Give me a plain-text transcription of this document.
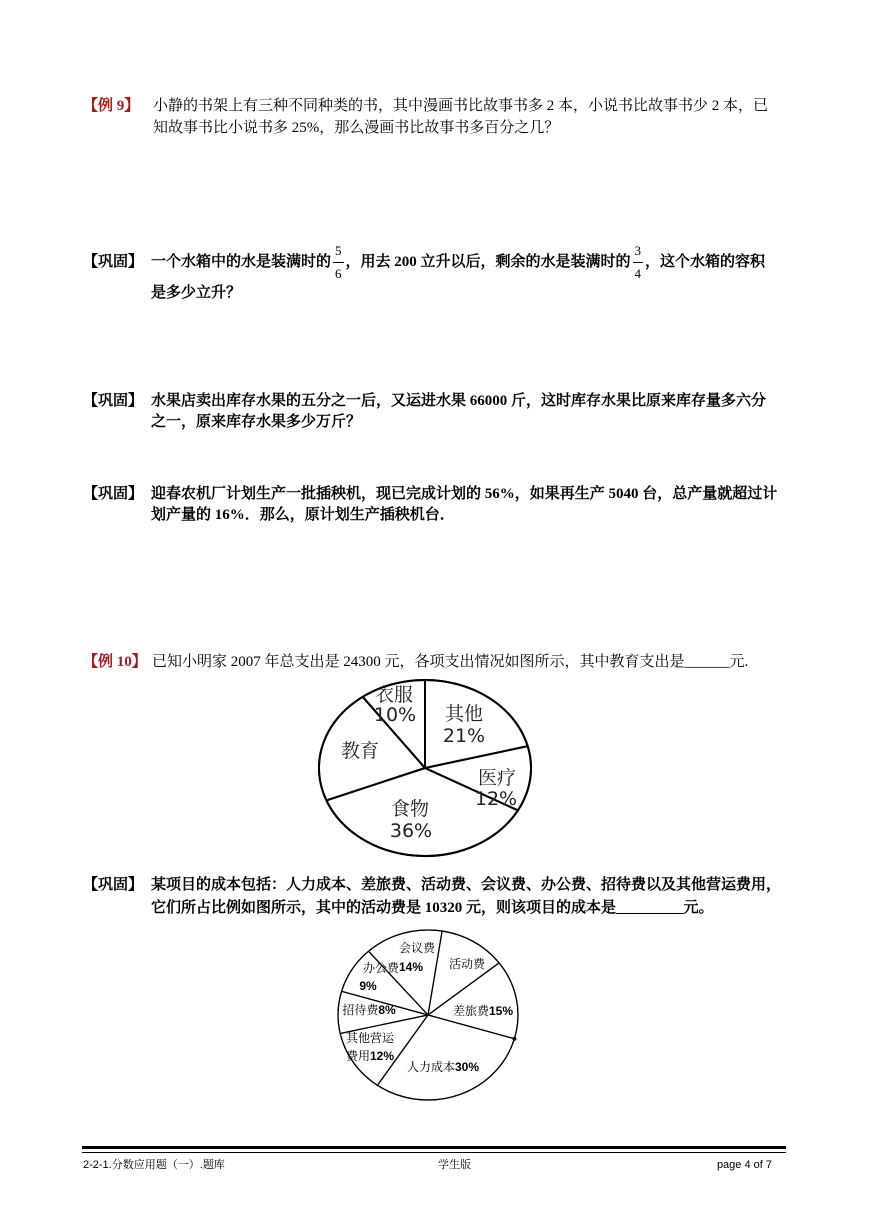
【例 9】 小静的书架上有三种不同种类的书，其中漫画书比故事书多 2 本，小说书比故事书少 2 本，已
知故事书比小说书多 25%，那么漫画书比故事书多百分之几？
【巩固】 一个水箱中的水是装满时的 $\frac{5}{6}$ ，用去 200 立升以后，剩余的水是装满时的 $\frac{3}{4}$ ，这个水箱的容积
是多少立升？
【巩固】 水果店卖出库存水果的五分之一后，又运进水果 66000 斤，这时库存水果比原来库存量多六分
之一，原来库存水果多少万斤？
【巩固】 迎春农机厂计划生产一批插秧机，现已完成计划的 56%，如果再生产 5040 台，总产量就超过计
划产量的 16%．那么，原计划生产插秧机台．
【例 10】 已知小明家 2007 年总支出是 24300 元，各项支出情况如图所示，其中教育支出是______元.
其他
21%
医疗
12%
食物
36%
教育
衣服
10%
【巩固】 某项目的成本包括：人力成本、差旅费、活动费、会议费、办公费、招待费以及其他营运费用，
它们所占比例如图所示，其中的活动费是 10320 元，则该项目的成本是_________元。
活动费
差旅费15%
人力成本30%
其他营运
费用12%
招待费8%
办公费
9%
会议费
14%
2-2-1.分数应用题（一）.题库	学生版	page 4 of 7
